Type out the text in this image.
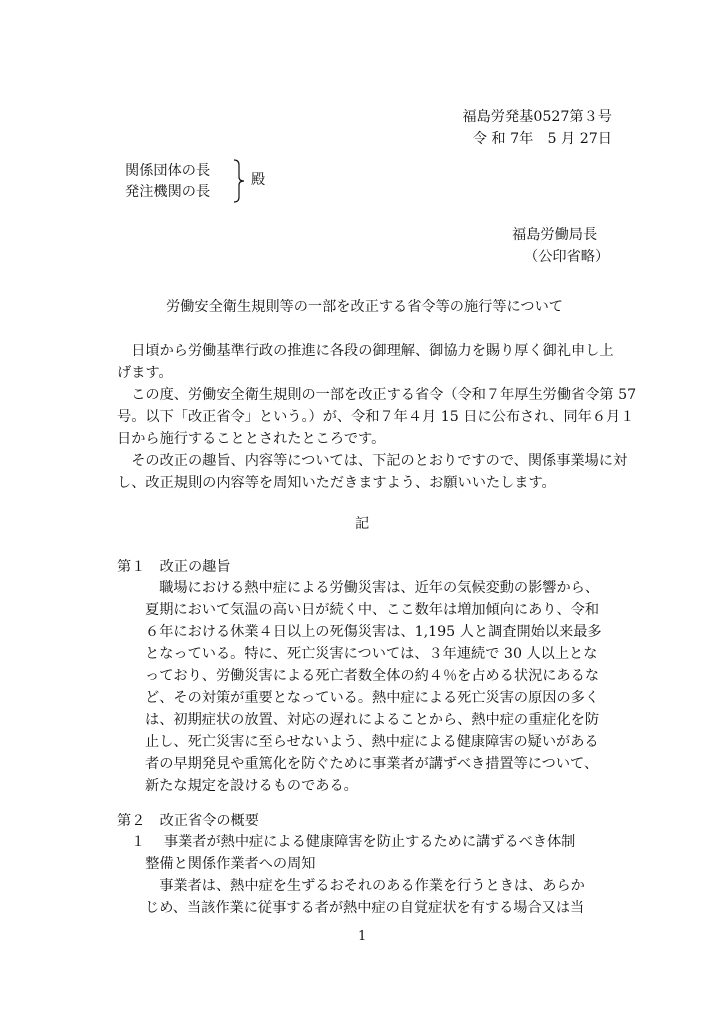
福島労発基0527第３号
令 和 7年　5 月 27日
関係団体の長
発注機関の長
殿
福島労働局長
（公印省略）
労働安全衛生規則等の一部を改正する省令等の施行等について
　日頃から労働基準行政の推進に各段の御理解、御協力を賜り厚く御礼申し上
げます。
　この度、労働安全衛生規則の一部を改正する省令（令和７年厚生労働省令第 57
号。以下「改正省令」という。）が、令和７年４月 15 日に公布され、同年６月１
日から施行することとされたところです。
　その改正の趣旨、内容等については、下記のとおりですので、関係事業場に対
し、改正規則の内容等を周知いただきますよう、お願いいたします。
記
第１　改正の趣旨
　職場における熱中症による労働災害は、近年の気候変動の影響から、
夏期において気温の高い日が続く中、ここ数年は増加傾向にあり、令和
６年における休業４日以上の死傷災害は、1,195 人と調査開始以来最多
となっている。特に、死亡災害については、３年連続で 30 人以上とな
っており、労働災害による死亡者数全体の約４％を占める状況にあるな
ど、その対策が重要となっている。熱中症による死亡災害の原因の多く
は、初期症状の放置、対応の遅れによることから、熱中症の重症化を防
止し、死亡災害に至らせないよう、熱中症による健康障害の疑いがある
者の早期発見や重篤化を防ぐために事業者が講ずべき措置等について、
新たな規定を設けるものである。
第２　改正省令の概要
１　 事業者が熱中症による健康障害を防止するために講ずるべき体制
　整備と関係作業者への周知
　事業者は、熱中症を生ずるおそれのある作業を行うときは、あらか
じめ、当該作業に従事する者が熱中症の自覚症状を有する場合又は当
1
